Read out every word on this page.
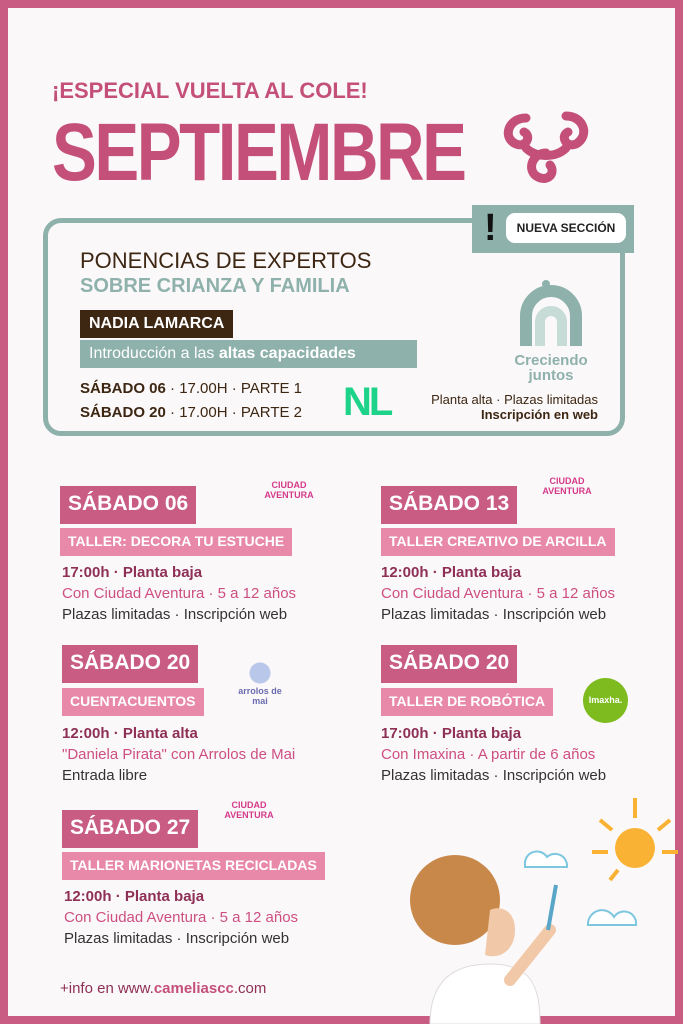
¡ESPECIAL VUELTA AL COLE!
SEPTIEMBRE
!	NUEVA SECCIÓN
PONENCIAS DE EXPERTOS
SOBRE CRIANZA Y FAMILIA
NADIA LAMARCA
Introducción a las altas capacidades
SÁBADO 06 · 17.00H · PARTE 1
SÁBADO 20 · 17.00H · PARTE 2 NL
Creciendo juntos
Planta alta · Plazas limitadas
Inscripción en web
SÁBADO 06
TALLER: DECORA TU ESTUCHE
17:00h · Planta baja
Con Ciudad Aventura · 5 a 12 años
Plazas limitadas · Inscripción web
CIUDAD AVENTURA	SÁBADO 13
TALLER CREATIVO DE ARCILLA
12:00h · Planta baja
Con Ciudad Aventura · 5 a 12 años
Plazas limitadas · Inscripción web
CIUDAD AVENTURA
SÁBADO 20
CUENTACUENTOS
12:00h · Planta alta
"Daniela Pirata" con Arrolos de Mai
Entrada libre
arrolos de mai
SÁBADO 20
TALLER DE ROBÓTICA
17:00h · Planta baja
Con Imaxina · A partir de 6 años
Plazas limitadas · Inscripción web
Imaxha.
SÁBADO 27
TALLER MARIONETAS RECICLADAS
12:00h · Planta baja
Con Ciudad Aventura · 5 a 12 años
Plazas limitadas · Inscripción web
CIUDAD AVENTURA
+info en www.cameliascc.com
